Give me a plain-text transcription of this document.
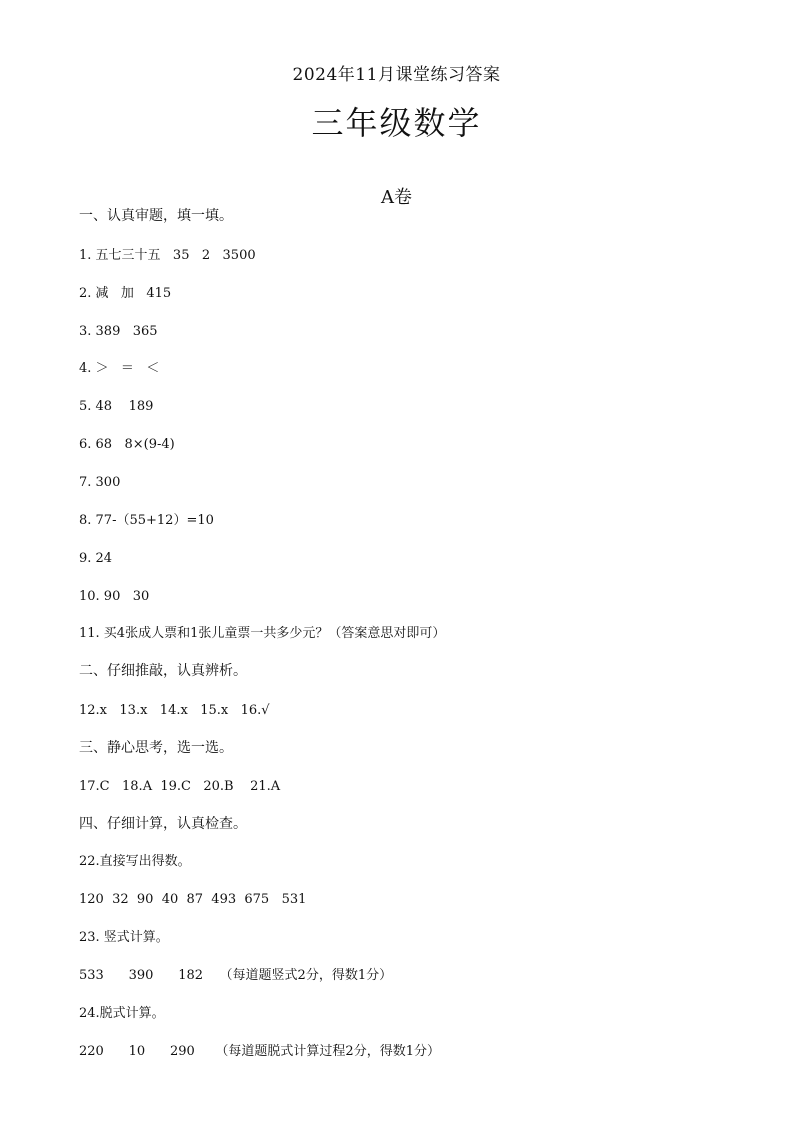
2024年11月课堂练习答案
三年级数学
A卷
一、认真审题，填一填。
1. 五七三十五   35   2   3500
2. 减   加   415
3. 389   365
4. ＞   ＝   ＜
5. 48    189
6. 68   8×(9-4)
7. 300
8. 77-（55+12）=10
9. 24
10. 90   30
11. 买4张成人票和1张儿童票一共多少元？（答案意思对即可）
二、仔细推敲，认真辨析。
12.x   13.x   14.x   15.x   16.√
三、静心思考，选一选。
17.C   18.A  19.C   20.B    21.A
四、仔细计算，认真检查。
22.直接写出得数。
120  32  90  40  87  493  675   531
23. 竖式计算。
533      390      182    （每道题竖式2分，得数1分）
24.脱式计算。
220      10      290     （每道题脱式计算过程2分，得数1分）
